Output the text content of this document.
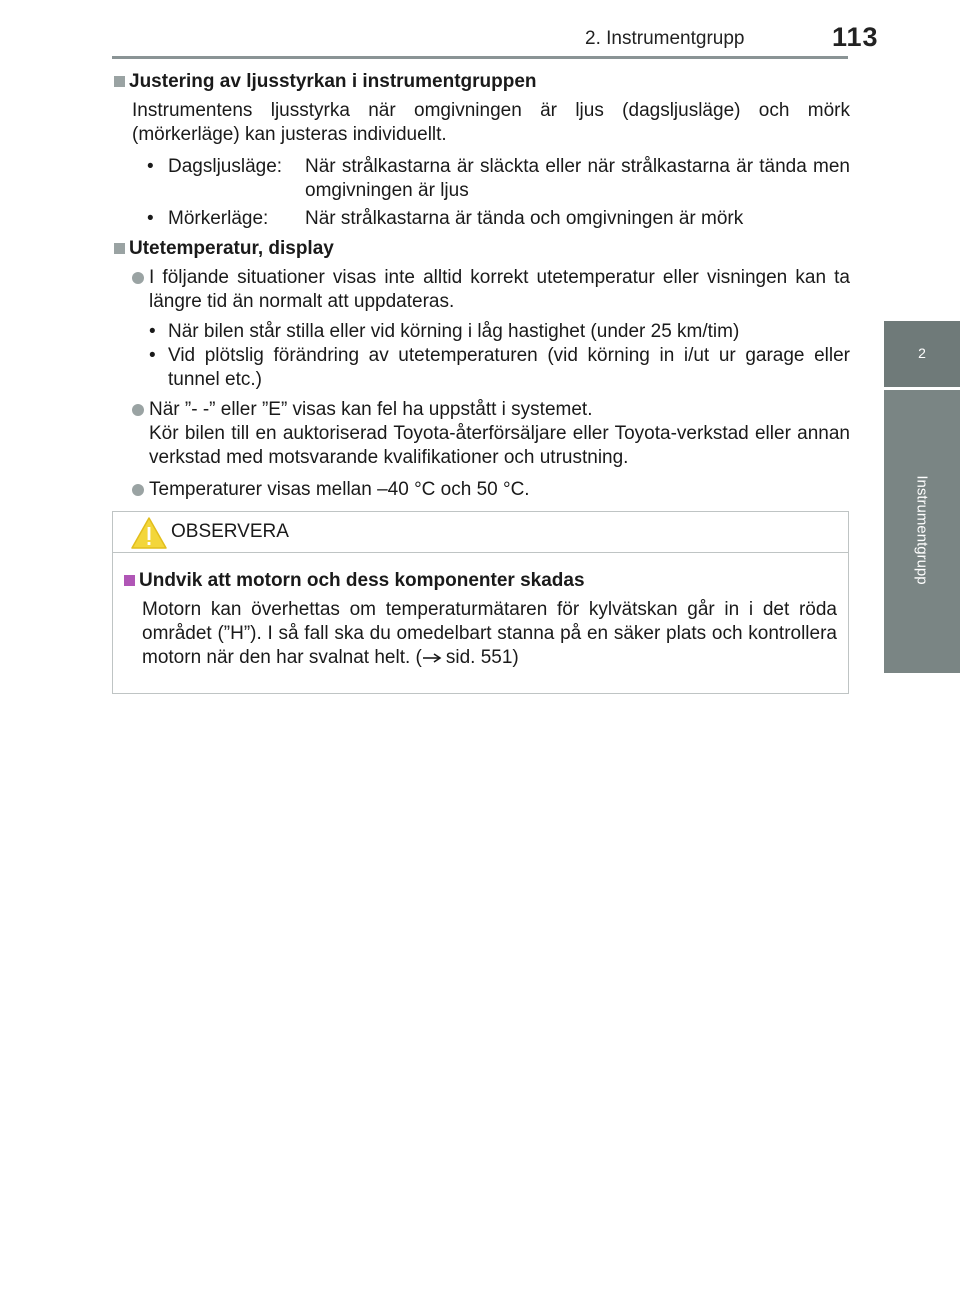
2. Instrumentgrupp	113
2
Instrumentgrupp
Justering av ljusstyrkan i instrumentgruppen
Instrumentens ljusstyrka när omgivningen är ljus (dagsljusläge) och mörk (mörkerläge) kan justeras individuellt.
• Dagsljusläge: När strålkastarna är släckta eller när strålkastarna är tända men omgivningen är ljus
• Mörkerläge: När strålkastarna är tända och omgivningen är mörk
Utetemperatur, display
I följande situationer visas inte alltid korrekt utetemperatur eller visningen kan ta längre tid än normalt att uppdateras.
• När bilen står stilla eller vid körning i låg hastighet (under 25 km/tim)
• Vid plötslig förändring av utetemperaturen (vid körning in i/ut ur garage eller tunnel etc.)
När ”- -” eller ”E” visas kan fel ha uppstått i systemet.
Kör bilen till en auktoriserad Toyota-återförsäljare eller Toyota-verkstad eller annan verkstad med motsvarande kvalifikationer och utrustning.
Temperaturer visas mellan –40 °C och 50 °C.
OBSERVERA
Undvik att motorn och dess komponenter skadas
Motorn kan överhettas om temperaturmätaren för kylvätskan går in i det röda området (”H”). I så fall ska du omedelbart stanna på en säker plats och kontrollera motorn när den har svalnat helt. ( sid. 551)
